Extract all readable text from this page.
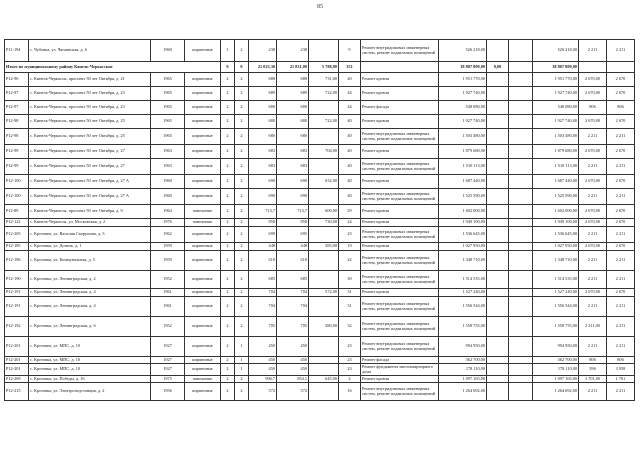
85
Р11-194	с. Чубовка, ул. Чапаевская, д. 6	1960	кирпичные	1	2	238	238		9	Ремонт внутридомовых инженерных систем, ремонт подвальных помещений	526 218,00			526 218,00	2 211	2 211
Итого по муниципальному району Канель-Черкасские				0	0	21 023,30	21 831,00	5 788,00	351		38 807 809,00	0,00		38 807 809,00		
Р12-96	с. Кинель-Черкассы, проспект 50 лет Октября, д. 21	1965	кирпичные	2	2	688	688	731,00	40	Ремонт кровли	1 951 770,00			1 951 770,00	2 670,00	2 670
Р12-97	с. Кинель-Черкассы, проспект 50 лет Октября, д. 23	1965	кирпичные	2	2	689	689	722,00	44	Ремонт кровли	1 927 740,00			1 927 740,00	2 670,00	2 670
Р12-97	с. Кинель-Черкассы, проспект 50 лет Октября, д. 23	1965	кирпичные	2	2	680	680		44	Ремонт фасада	548 080,00			548 080,00	806	806
Р12-98	с. Кинель-Черкассы, проспект 50 лет Октября, д. 25	1965	кирпичные	2	2	680	680	722,00	40	Ремонт кровли	1 927 740,00			1 927 740,00	2 670,00	2 670
Р12-98	с. Кинель-Черкассы, проспект 50 лет Октября, д. 25	1965	кирпичные	2	2	680	680		40	Ремонт внутридомовых инженерных систем, ремонт подвальных помещений	1 503 480,00			1 503 480,00	2 211	2 211
Р12-99	с. Кинель-Черкассы, проспект 50 лет Октября, д. 27	1963	кирпичные	2	2	683	683	704,00	40	Ремонт кровли	1 879 680,00			1 879 680,00	2 670,00	2 670
Р12-99	с. Кинель-Черкассы, проспект 50 лет Октября, д. 27	1963	кирпичные	2	2	683	683		40	Ремонт внутридомовых инженерных систем, ремонт подвальных помещений	1 510 113,00			1 510 113,00	2 211	2 211
Р12-100	с. Кинель-Черкассы, проспект 50 лет Октября, д. 27 А	1960	кирпичные	2	2	690	690	632,00	40	Ремонт кровли	1 687 440,00			1 687 440,00	2 670,00	2 670
Р12-100	с. Кинель-Черкассы, проспект 50 лет Октября, д. 27 А	1960	кирпичные	2	2	690	690		40	Ремонт внутридомовых инженерных систем, ремонт подвальных помещений	1 525 590,00			1 525 590,00	2 211	2 211
Р12-89	с. Кинель-Черкассы, проспект 50 лет Октября, д. 9	1964	панельные	2	2	713,7	713,7	600,00	29	Ремонт кровли	1 602 000,00			1 602 000,00	2 670,00	2 670
Р12-122	с. Кинель-Черкассы, ул. Московская, д. 2	1976	панельные	2	2	850	850	730,00	24	Ремонт кровли	1 949 100,00			1 949 100,00	2 670,00	2 670
Р12-205	с. Кротовка, ул. Василия Скорупина, д. 3	1962	кирпичные	2	2	699	695		23	Ремонт внутридомовых инженерных систем, ремонт подвальных помещений	1 536 645,00			1 536 645,00	2 211	2 211
Р12-185	с. Кротовка, ул. Дональ, д. 1	1959	кирпичные	2	2	448	448	385,00	19	Ремонт кровли	1 027 950,00			1 027 950,00	2 670,00	2 670
Р12-186	с. Кротовка, ул. Коммунальная, д. 5	1959	кирпичные	2	2	610	610		22	Ремонт внутридомовых инженерных систем, ремонт подвальных помещений	1 348 710,00			1 348 710,00	2 211	2 211
Р12-190	с. Кротовка, ул. Ленинградская, д. 2	1952	кирпичные	2	2	685	685		30	Ремонт внутридомовых инженерных систем, ремонт подвальных помещений	1 514 535,00			1 514 535,00	2 211	2 211
Р12-191	с. Кротовка, ул. Ленинградская, д. 4	1961	кирпичные	2	2	704	704	572,00	31	Ремонт кровли	1 527 240,00			1 527 240,00	2 670,00	2 670
Р12-191	с. Кротовка, ул. Ленинградская, д. 4	1961	кирпичные	2	2	704	704		31	Ремонт внутридомовых инженерных систем, ремонт подвальных помещений	1 556 544,00			1 556 544,00	2 211	2 211
Р12-192	с. Кротовка, ул. Ленинградская, д. 6	1952	кирпичные	2	2	705	705	380,00	32	Ремонт внутридомовых инженерных систем, ремонт подвальных помещений	1 558 755,00			1 558 755,00	2 211,00	2 211
Р12-201	с. Кротовка, ул. МПС, д. 10	1927	кирпичные	2	1	450	450		23	Ремонт внутридомовых инженерных систем, ремонт подвальных помещений	994 950,00			994 950,00	2 211	2 211
Р12-201	с. Кротовка, ул. МПС, д. 10	1927	кирпичные	2	1	450	450		23	Ремонт фасада	362 700,00			362 700,00	806	806
Р12-201	с. Кротовка, ул. МПС, д. 10	1927	кирпичные	2	1	450	450		23	Ремонт фундамента многоквартирного дома	178 110,00			178 110,00	396	3 958
Р12-269	с. Кротовка, ул. Победы, д. 16	1975	панельные	2	2	996,7	854,1	645,00	2	Ремонт кровли	1 097 165,00			1 097 165,00	1 701,00	1 701
Р12-215	с. Кротовка, ул. Электроподстанция, д. 2	1956	кирпичные	2	2	572	572		16	Ремонт внутридомовых инженерных систем, ремонт подвальных помещений	1 264 692,00			1 264 692,00	2 211	2 211
